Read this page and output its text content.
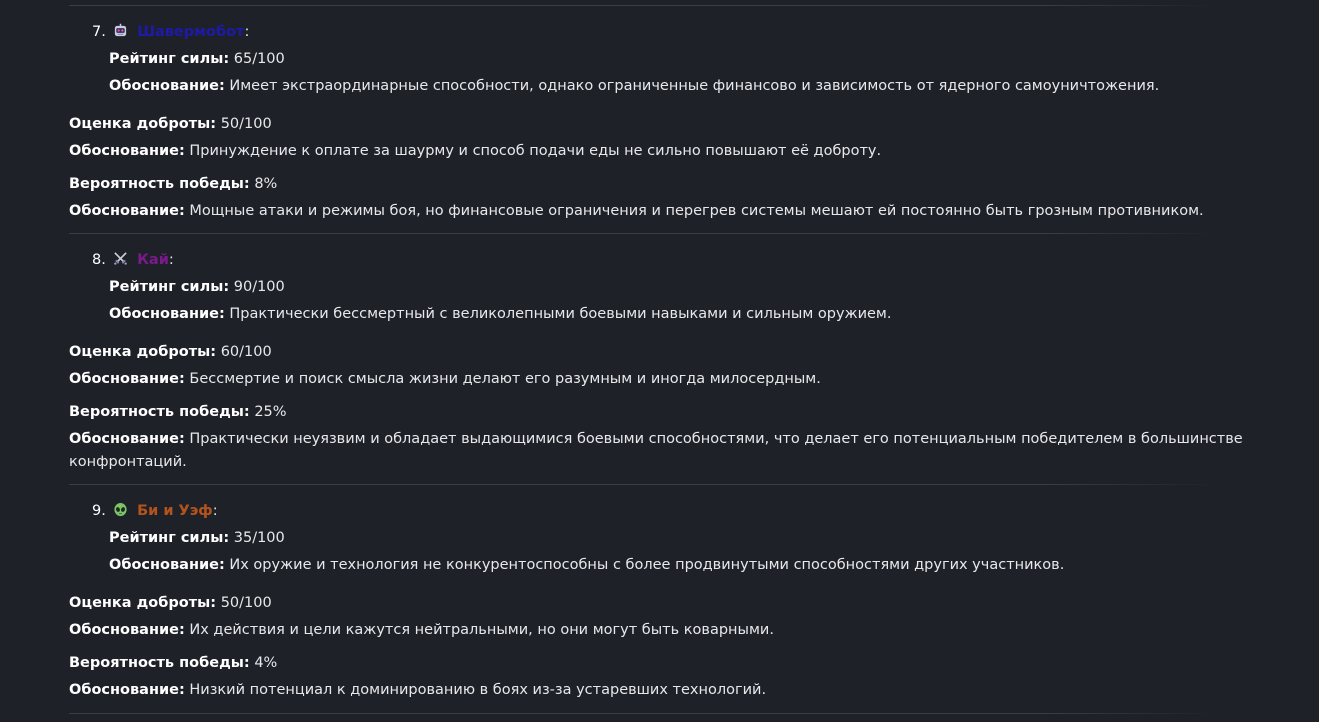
7. Шавермобот:
Рейтинг силы: 65/100
Обоснование: Имеет экстраординарные способности, однако ограниченные финансово и зависимость от ядерного самоуничтожения.
Оценка доброты: 50/100
Обоснование: Принуждение к оплате за шаурму и способ подачи еды не сильно повышают её доброту.
Вероятность победы: 8%
Обоснование: Мощные атаки и режимы боя, но финансовые ограничения и перегрев системы мешают ей постоянно быть грозным противником.
8. Кай:
Рейтинг силы: 90/100
Обоснование: Практически бессмертный с великолепными боевыми навыками и сильным оружием.
Оценка доброты: 60/100
Обоснование: Бессмертие и поиск смысла жизни делают его разумным и иногда милосердным.
Вероятность победы: 25%
Обоснование: Практически неуязвим и обладает выдающимися боевыми способностями, что делает его потенциальным победителем в большинстве конфронтаций.
9. Би и Уэф:
Рейтинг силы: 35/100
Обоснование: Их оружие и технология не конкурентоспособны с более продвинутыми способностями других участников.
Оценка доброты: 50/100
Обоснование: Их действия и цели кажутся нейтральными, но они могут быть коварными.
Вероятность победы: 4%
Обоснование: Низкий потенциал к доминированию в боях из-за устаревших технологий.
